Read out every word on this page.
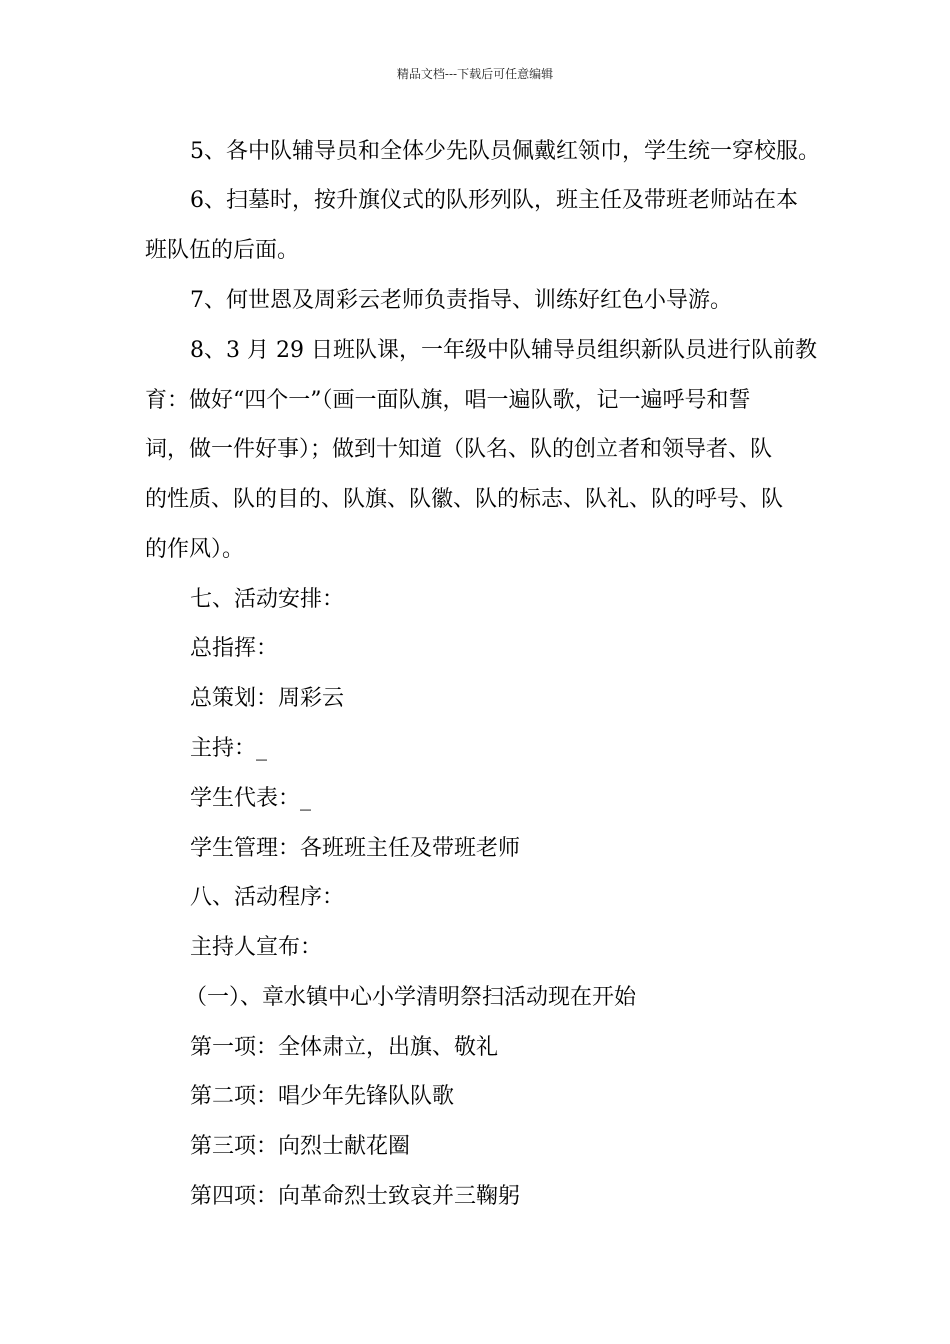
精品文档---下载后可任意编辑
5、各中队辅导员和全体少先队员佩戴红领巾，学生统一穿校服。
6、扫墓时，按升旗仪式的队形列队，班主任及带班老师站在本
班队伍的后面。
7、何世恩及周彩云老师负责指导、训练好红色小导游。
8、3 月 29 日班队课，一年级中队辅导员组织新队员进行队前教
育：做好“四个一”（画一面队旗，唱一遍队歌，记一遍呼号和誓
词，做一件好事）；做到十知道（队名、队的创立者和领导者、队
的性质、队的目的、队旗、队徽、队的标志、队礼、队的呼号、队
的作风）。
七、活动安排：
总指挥：
总策划：周彩云
主持：_
学生代表：_
学生管理：各班班主任及带班老师
八、活动程序：
主持人宣布：
（一）、章水镇中心小学清明祭扫活动现在开始
第一项：全体肃立，出旗、敬礼
第二项：唱少年先锋队队歌
第三项：向烈士献花圈
第四项：向革命烈士致哀并三鞠躬
